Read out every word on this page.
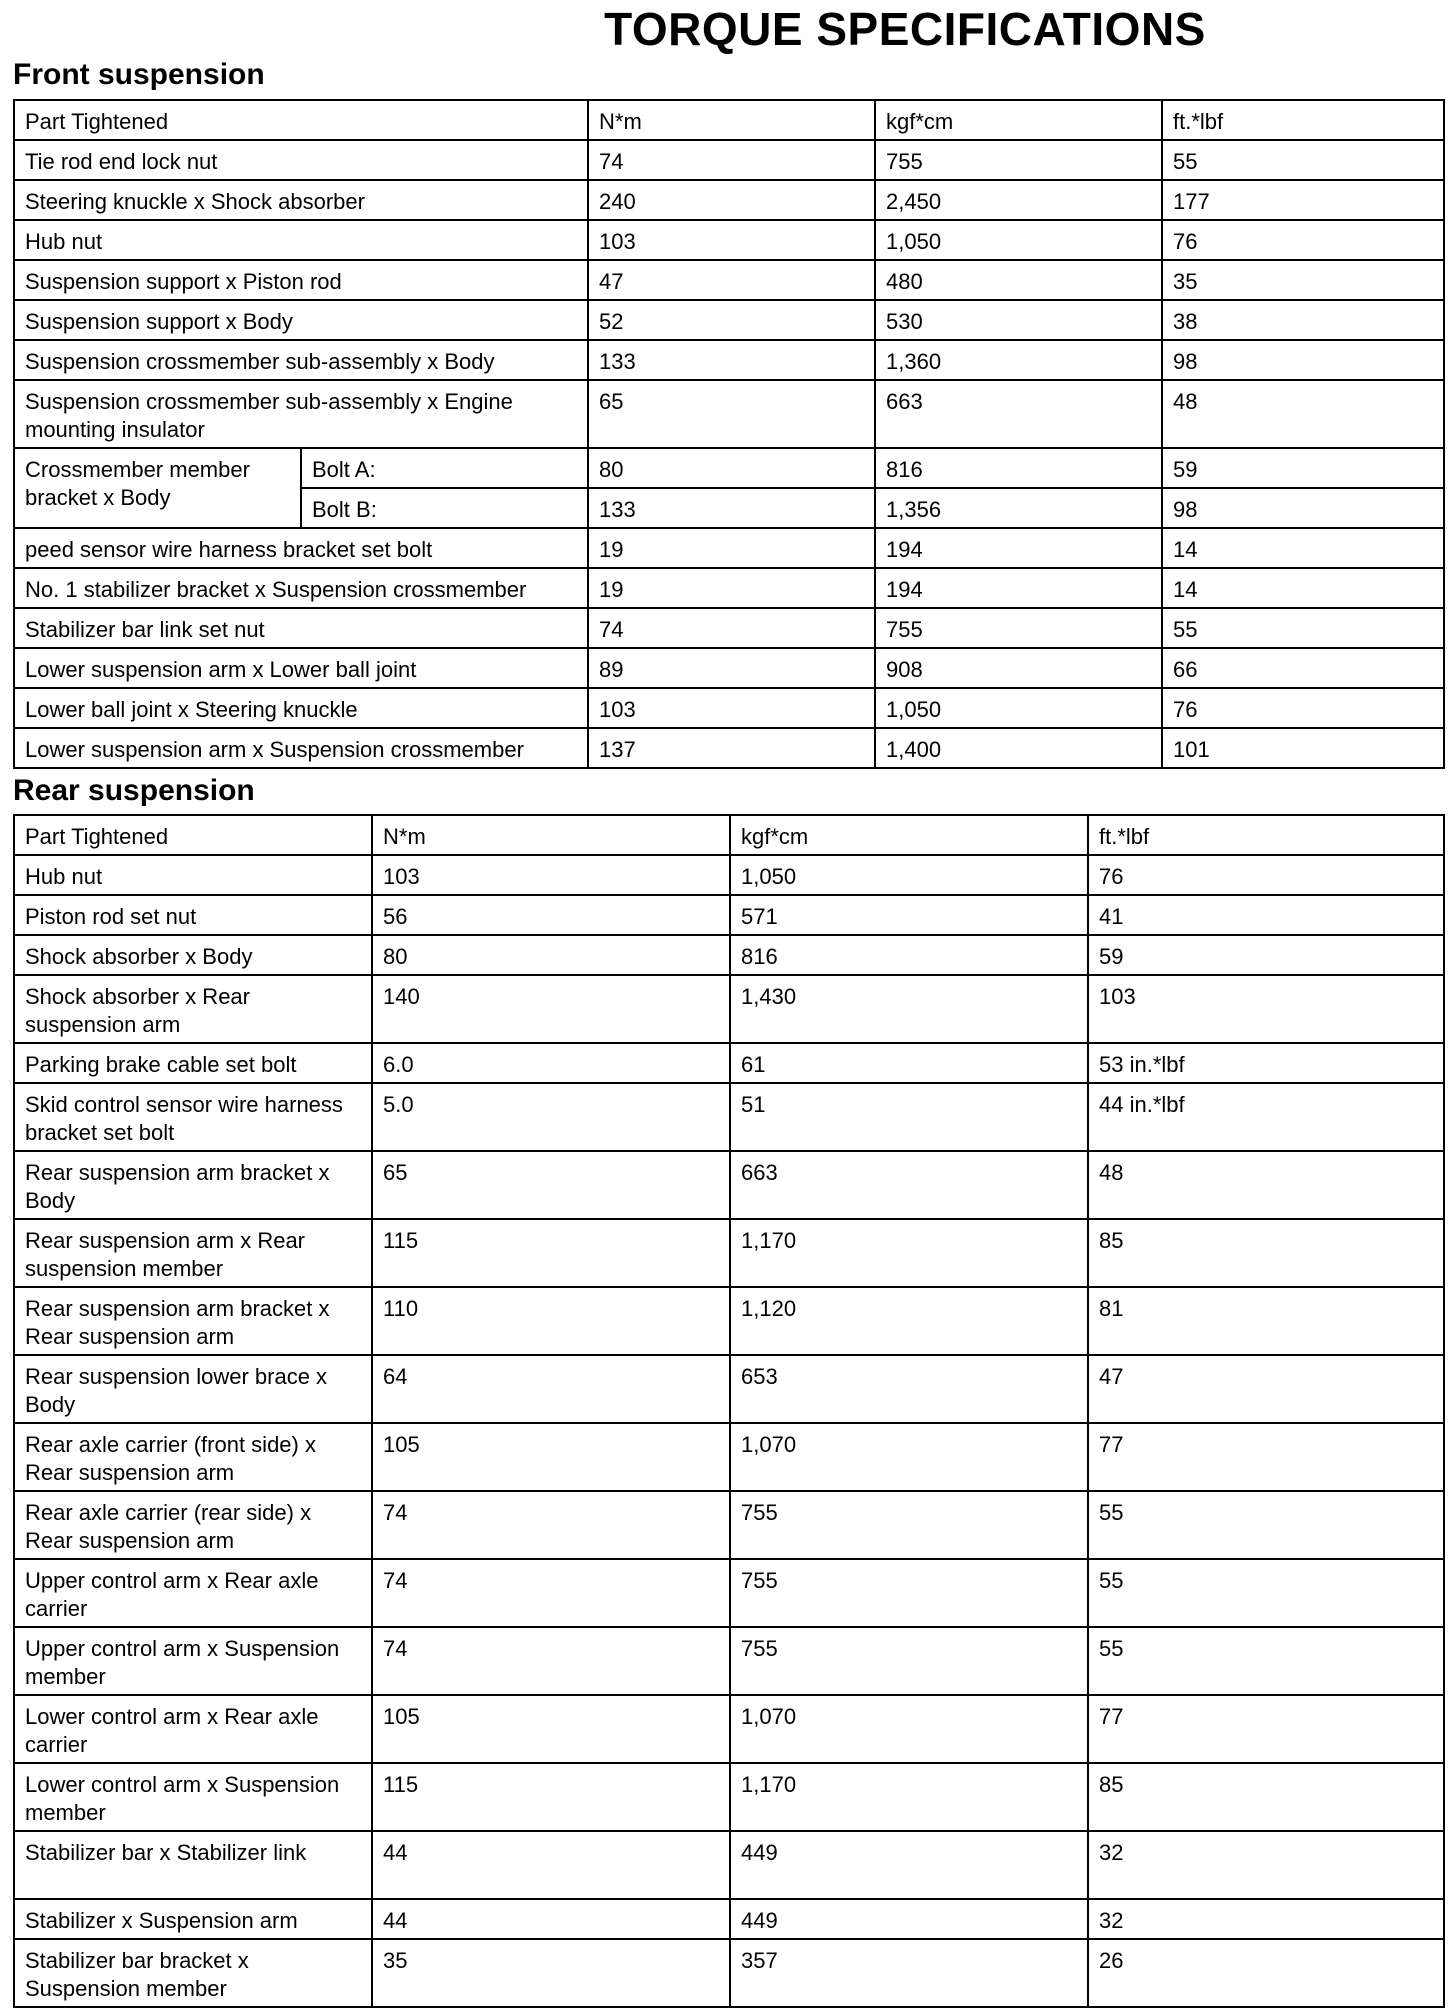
TORQUE SPECIFICATIONS
Front suspension
Part Tightened		N*m	kgf*cm	ft.*lbf
Tie rod end lock nut		74	755	55
Steering knuckle x Shock absorber		240	2,450	177
Hub nut		103	1,050	76
Suspension support x Piston rod		47	480	35
Suspension support x Body		52	530	38
Suspension crossmember sub-assembly x Body		133	1,360	98
Suspension crossmember sub-assembly x Engine mounting insulator		65	663	48
Crossmember member bracket x Body	Bolt A:	80	816	59
	Bolt B:	133	1,356	98
peed sensor wire harness bracket set bolt		19	194	14
No. 1 stabilizer bracket x Suspension crossmember		19	194	14
Stabilizer bar link set nut		74	755	55
Lower suspension arm x Lower ball joint		89	908	66
Lower ball joint x Steering knuckle		103	1,050	76
Lower suspension arm x Suspension crossmember		137	1,400	101
Rear suspension
Part Tightened	N*m	kgf*cm	ft.*lbf
Hub nut	103	1,050	76
Piston rod set nut	56	571	41
Shock absorber x Body	80	816	59
Shock absorber x Rear suspension arm	140	1,430	103
Parking brake cable set bolt	6.0	61	53 in.*lbf
Skid control sensor wire harness bracket set bolt	5.0	51	44 in.*lbf
Rear suspension arm bracket x Body	65	663	48
Rear suspension arm x Rear suspension member	115	1,170	85
Rear suspension arm bracket x Rear suspension arm	110	1,120	81
Rear suspension lower brace x Body	64	653	47
Rear axle carrier (front side) x Rear suspension arm	105	1,070	77
Rear axle carrier (rear side) x Rear suspension arm	74	755	55
Upper control arm x Rear axle carrier	74	755	55
Upper control arm x Suspension member	74	755	55
Lower control arm x Rear axle carrier	105	1,070	77
Lower control arm x Suspension member	115	1,170	85
Stabilizer bar x Stabilizer link	44	449	32
Stabilizer x Suspension arm	44	449	32
Stabilizer bar bracket x Suspension member	35	357	26
